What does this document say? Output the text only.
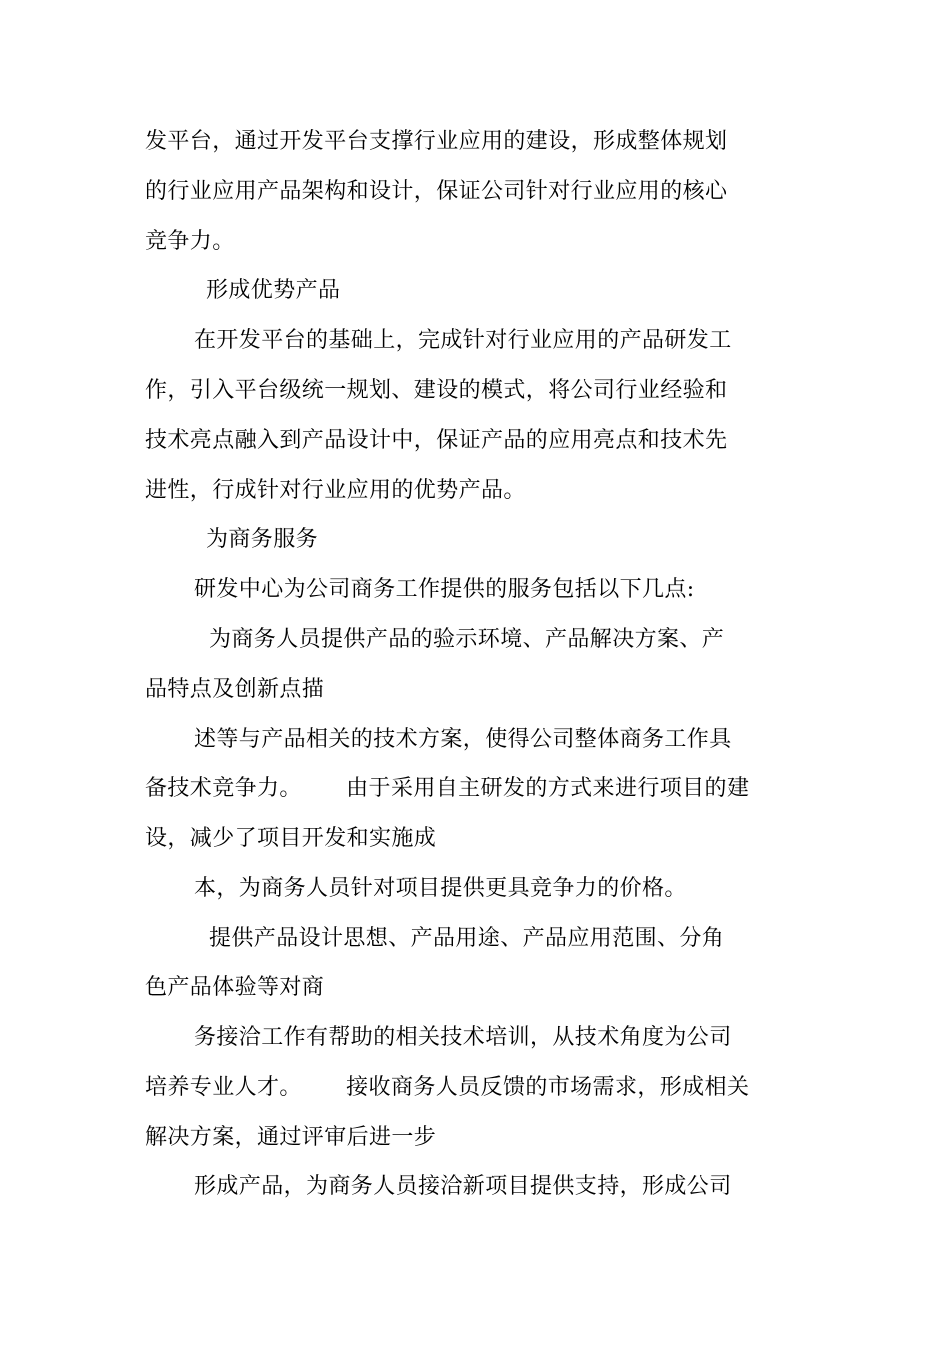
发平台，通过开发平台支撑行业应用的建设，形成整体规划
的行业应用产品架构和设计，保证公司针对行业应用的核心
竞争力。
形成优势产品
在开发平台的基础上，完成针对行业应用的产品研发工
作，引入平台级统一规划、建设的模式，将公司行业经验和
技术亮点融入到产品设计中，保证产品的应用亮点和技术先
进性，行成针对行业应用的优势产品。
为商务服务
研发中心为公司商务工作提供的服务包括以下几点:
为商务人员提供产品的验示环境、产品解决方案、产
品特点及创新点描
述等与产品相关的技术方案，使得公司整体商务工作具
备技术竞争力。      由于采用自主研发的方式来进行项目的建
设，减少了项目开发和实施成
本，为商务人员针对项目提供更具竞争力的价格。
提供产品设计思想、产品用途、产品应用范围、分角
色产品体验等对商
务接洽工作有帮助的相关技术培训，从技术角度为公司
培养专业人才。      接收商务人员反馈的市场需求，形成相关
解决方案，通过评审后进一步
形成产品，为商务人员接洽新项目提供支持，形成公司
